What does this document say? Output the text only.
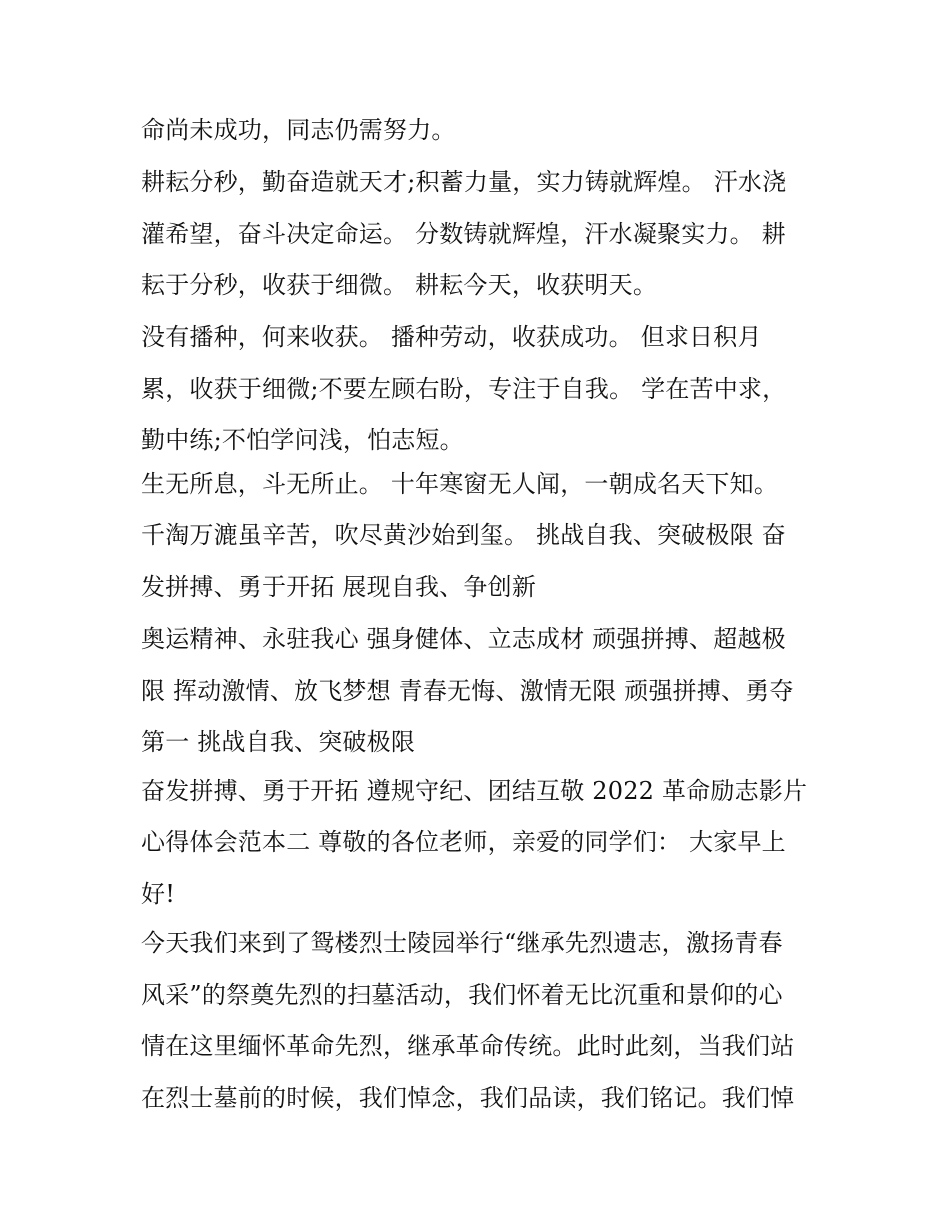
命尚未成功，同志仍需努力。
耕耘分秒，勤奋造就天才;积蓄力量，实力铸就辉煌。 汗水浇
灌希望，奋斗决定命运。 分数铸就辉煌，汗水凝聚实力。 耕
耘于分秒，收获于细微。 耕耘今天，收获明天。
没有播种，何来收获。 播种劳动，收获成功。 但求日积月
累，收获于细微;不要左顾右盼，专注于自我。 学在苦中求，
勤中练;不怕学问浅，怕志短。
生无所息，斗无所止。 十年寒窗无人闻，一朝成名天下知。
千淘万漉虽辛苦，吹尽黄沙始到玺。 挑战自我、突破极限 奋
发拼搏、勇于开拓 展现自我、争创新
奥运精神、永驻我心 强身健体、立志成材 顽强拼搏、超越极
限 挥动激情、放飞梦想 青春无悔、激情无限 顽强拼搏、勇夺
第一 挑战自我、突破极限
奋发拼搏、勇于开拓 遵规守纪、团结互敬 2022 革命励志影片
心得体会范本二 尊敬的各位老师，亲爱的同学们： 大家早上
好!
今天我们来到了鸳楼烈士陵园举行“继承先烈遗志，激扬青春
风采”的祭奠先烈的扫墓活动，我们怀着无比沉重和景仰的心
情在这里缅怀革命先烈，继承革命传统。此时此刻，当我们站
在烈士墓前的时候，我们悼念，我们品读，我们铭记。我们悼
